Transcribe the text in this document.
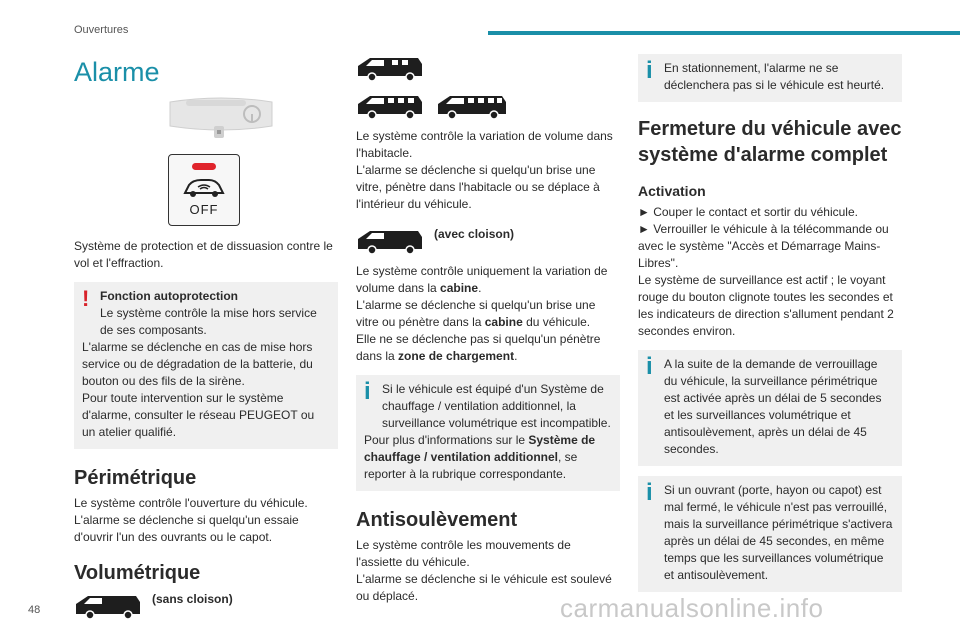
Ouvertures
48	carmanualsonline.info
Alarme
OFF

Système de protection et de dissuasion contre le vol et l'effraction.

! Fonction autoprotection

Le système contrôle la mise hors service de ses composants.

L'alarme se déclenche en cas de mise hors service ou de dégradation de la batterie, du bouton ou des fils de la sirène.

Pour toute intervention sur le système d'alarme, consulter le réseau PEUGEOT ou un atelier qualifié.

Périmétrique

Le système contrôle l'ouverture du véhicule.

L'alarme se déclenche si quelqu'un essaie d'ouvrir l'un des ouvrants ou le capot.

Volumétrique
(sans cloison)

Le système contrôle la variation de volume dans l'habitacle.

L'alarme se déclenche si quelqu'un brise une vitre, pénètre dans l'habitacle ou se déplace à l'intérieur du véhicule.

(avec cloison)

Le système contrôle uniquement la variation de volume dans la cabine.

L'alarme se déclenche si quelqu'un brise une vitre ou pénètre dans la cabine du véhicule.

Elle ne se déclenche pas si quelqu'un pénètre dans la zone de chargement.

i Si le véhicule est équipé d'un Système de chauffage / ventilation additionnel, la surveillance volumétrique est incompatible.

Pour plus d'informations sur le Système de chauffage / ventilation additionnel, se reporter à la rubrique correspondante.

Antisoulèvement

Le système contrôle les mouvements de l'assiette du véhicule.

L'alarme se déclenche si le véhicule est soulevé ou déplacé.

i En stationnement, l'alarme ne se déclenchera pas si le véhicule est heurté.

Fermeture du véhicule avec système d'alarme complet
Activation

► Couper le contact et sortir du véhicule.

► Verrouiller le véhicule à la télécommande ou avec le système "Accès et Démarrage Mains-Libres".

Le système de surveillance est actif ; le voyant rouge du bouton clignote toutes les secondes et les indicateurs de direction s'allument pendant 2 secondes environ.

i A la suite de la demande de verrouillage du véhicule, la surveillance périmétrique est activée après un délai de 5 secondes et les surveillances volumétrique et antisoulèvement, après un délai de 45 secondes.

i Si un ouvrant (porte, hayon ou capot) est mal fermé, le véhicule n'est pas verrouillé, mais la surveillance périmétrique s'activera après un délai de 45 secondes, en même temps que les surveillances volumétrique et antisoulèvement.
